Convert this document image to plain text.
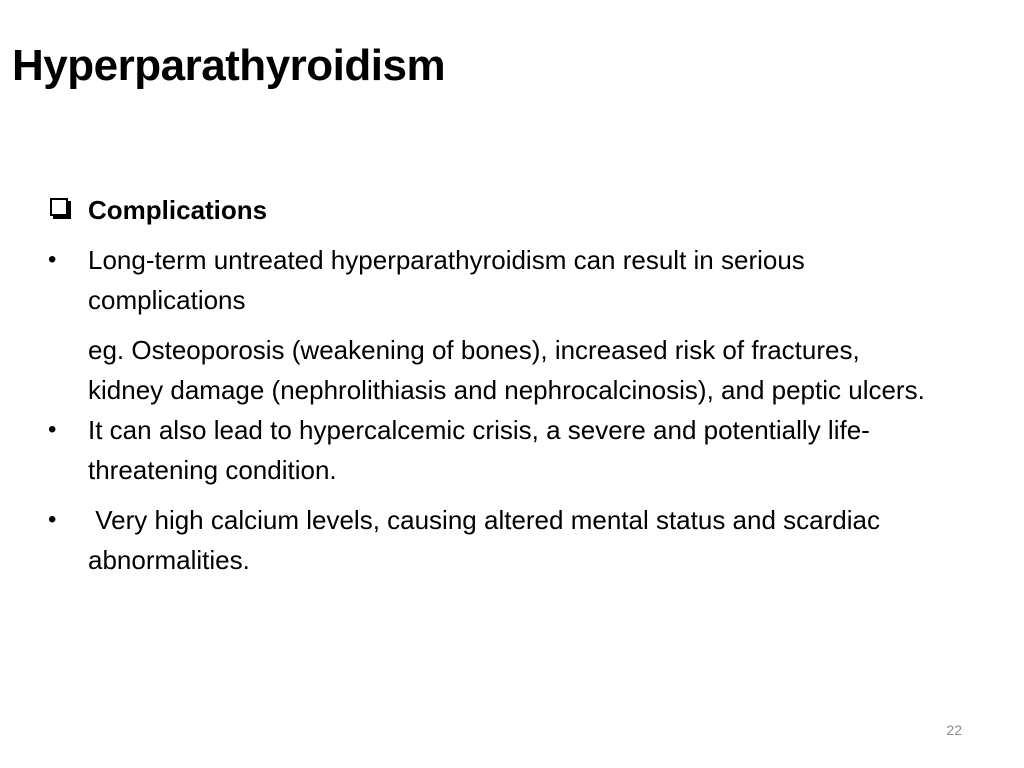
Hyperparathyroidism
Complications
•	Long-term untreated hyperparathyroidism can result in serious complications
eg. Osteoporosis (weakening of bones), increased risk of fractures, kidney damage (nephrolithiasis and nephrocalcinosis), and peptic ulcers.
•	It can also lead to hypercalcemic crisis, a severe and potentially life-threatening condition.
•	Very high calcium levels, causing altered mental status and scardiac abnormalities.
22
